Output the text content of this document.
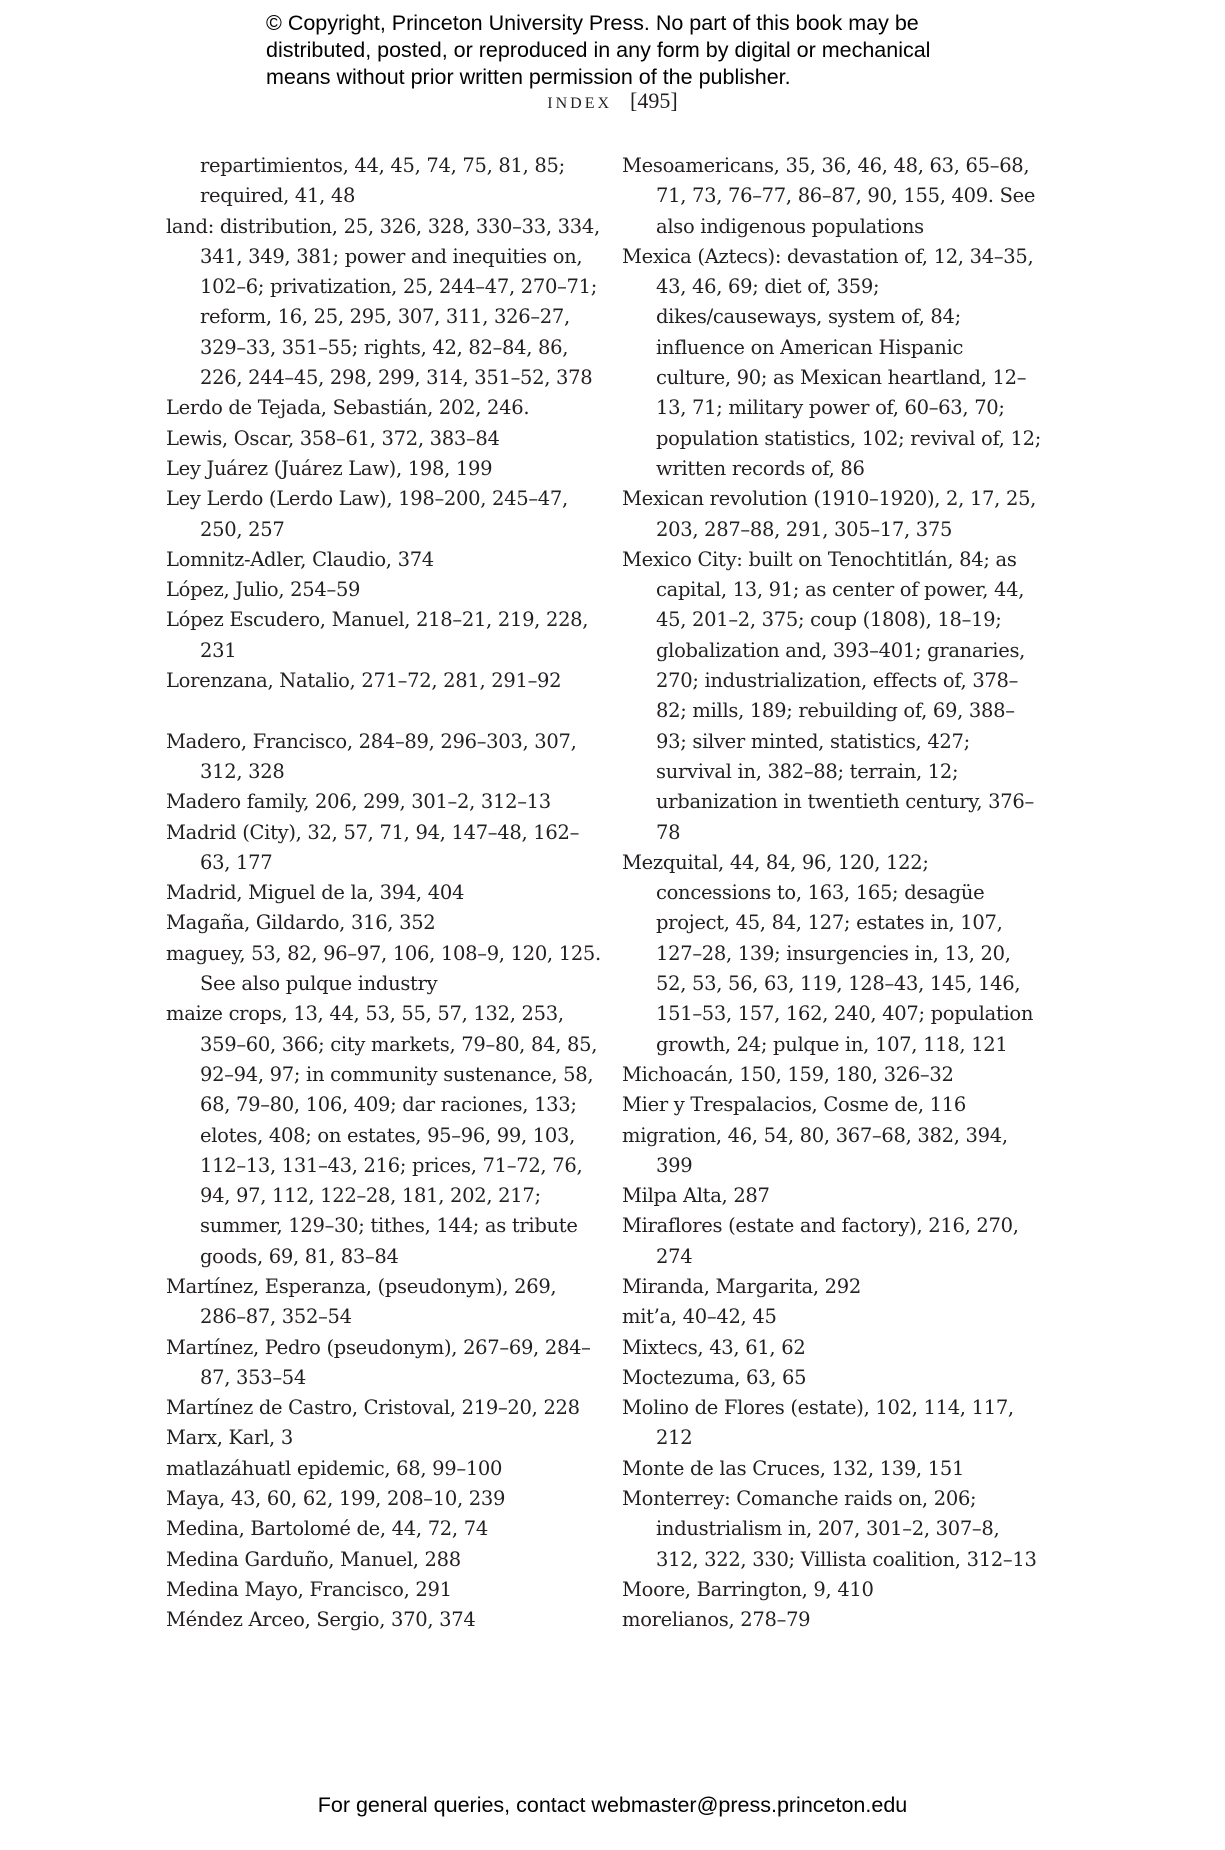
© Copyright, Princeton University Press. No part of this book may be
distributed, posted, or reproduced in any form by digital or mechanical
means without prior written permission of the publisher.
INDEX [495]
repartimientos, 44, 45, 74, 75, 81, 85; required, 41, 48
land: distribution, 25, 326, 328, 330–33, 334, 341, 349, 381; power and inequities on, 102–6; privatization, 25, 244–47, 270–71; reform, 16, 25, 295, 307, 311, 326–27, 329–33, 351–55; rights, 42, 82–84, 86, 226, 244–45, 298, 299, 314, 351–52, 378
Lerdo de Tejada, Sebastián, 202, 246.
Lewis, Oscar, 358–61, 372, 383–84
Ley Juárez (Juárez Law), 198, 199
Ley Lerdo (Lerdo Law), 198–200, 245–47, 250, 257
Lomnitz-Adler, Claudio, 374
López, Julio, 254–59
López Escudero, Manuel, 218–21, 219, 228, 231
Lorenzana, Natalio, 271–72, 281, 291–92
Madero, Francisco, 284–89, 296–303, 307, 312, 328
Madero family, 206, 299, 301–2, 312–13
Madrid (City), 32, 57, 71, 94, 147–48, 162–63, 177
Madrid, Miguel de la, 394, 404
Magaña, Gildardo, 316, 352
maguey, 53, 82, 96–97, 106, 108–9, 120, 125. See also pulque industry
maize crops, 13, 44, 53, 55, 57, 132, 253, 359–60, 366; city markets, 79–80, 84, 85, 92–94, 97; in community sustenance, 58, 68, 79–80, 106, 409; dar raciones, 133; elotes, 408; on estates, 95–96, 99, 103, 112–13, 131–43, 216; prices, 71–72, 76, 94, 97, 112, 122–28, 181, 202, 217; summer, 129–30; tithes, 144; as tribute goods, 69, 81, 83–84
Martínez, Esperanza, (pseudonym), 269, 286–87, 352–54
Martínez, Pedro (pseudonym), 267–69, 284–87, 353–54
Martínez de Castro, Cristoval, 219–20, 228
Marx, Karl, 3
matlazáhuatl epidemic, 68, 99–100
Maya, 43, 60, 62, 199, 208–10, 239
Medina, Bartolomé de, 44, 72, 74
Medina Garduño, Manuel, 288
Medina Mayo, Francisco, 291
Méndez Arceo, Sergio, 370, 374
Mesoamericans, 35, 36, 46, 48, 63, 65–68, 71, 73, 76–77, 86–87, 90, 155, 409. See also indigenous populations
Mexica (Aztecs): devastation of, 12, 34–35, 43, 46, 69; diet of, 359; dikes/causeways, system of, 84; influence on American Hispanic culture, 90; as Mexican heartland, 12–13, 71; military power of, 60–63, 70; population statistics, 102; revival of, 12; written records of, 86
Mexican revolution (1910–1920), 2, 17, 25, 203, 287–88, 291, 305–17, 375
Mexico City: built on Tenochtitlán, 84; as capital, 13, 91; as center of power, 44, 45, 201–2, 375; coup (1808), 18–19; globalization and, 393–401; granaries, 270; industrialization, effects of, 378–82; mills, 189; rebuilding of, 69, 388–93; silver minted, statistics, 427; survival in, 382–88; terrain, 12; urbanization in twentieth century, 376–78
Mezquital, 44, 84, 96, 120, 122; concessions to, 163, 165; desagüe project, 45, 84, 127; estates in, 107, 127–28, 139; insurgencies in, 13, 20, 52, 53, 56, 63, 119, 128–43, 145, 146, 151–53, 157, 162, 240, 407; population growth, 24; pulque in, 107, 118, 121
Michoacán, 150, 159, 180, 326–32
Mier y Trespalacios, Cosme de, 116
migration, 46, 54, 80, 367–68, 382, 394, 399
Milpa Alta, 287
Miraflores (estate and factory), 216, 270, 274
Miranda, Margarita, 292
mit’a, 40–42, 45
Mixtecs, 43, 61, 62
Moctezuma, 63, 65
Molino de Flores (estate), 102, 114, 117, 212
Monte de las Cruces, 132, 139, 151
Monterrey: Comanche raids on, 206; industrialism in, 207, 301–2, 307–8, 312, 322, 330; Villista coalition, 312–13
Moore, Barrington, 9, 410
morelianos, 278–79
For general queries, contact webmaster@press.princeton.edu
